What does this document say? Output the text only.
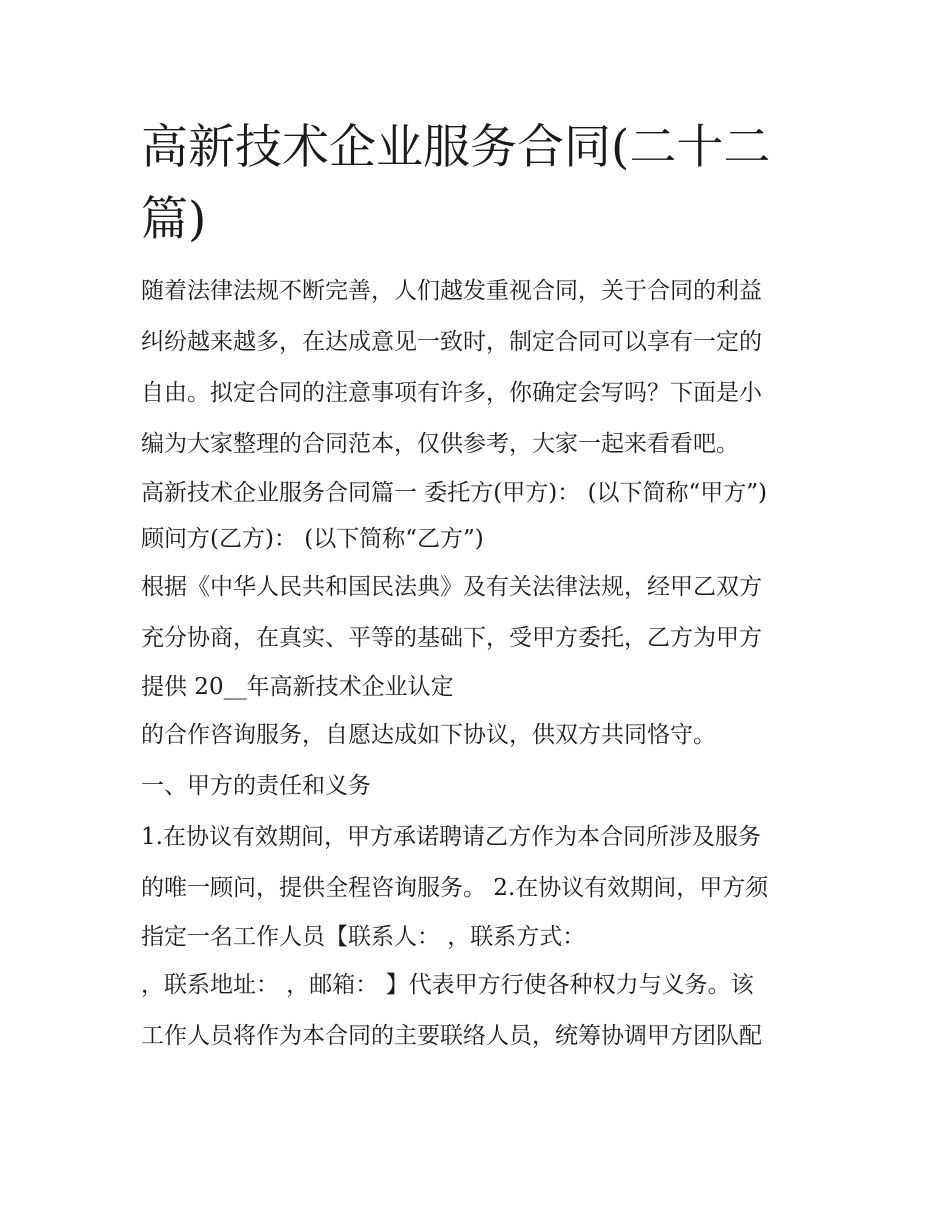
高新技术企业服务合同(二十二
篇)

随着法律法规不断完善，人们越发重视合同，关于合同的利益

纠纷越来越多，在达成意见一致时，制定合同可以享有一定的

自由。拟定合同的注意事项有许多，你确定会写吗？下面是小

编为大家整理的合同范本，仅供参考，大家一起来看看吧。

高新技术企业服务合同篇一 委托方(甲方)： (以下简称“甲方”)

顾问方(乙方)： (以下简称“乙方”)

根据《中华人民共和国民法典》及有关法律法规，经甲乙双方

充分协商，在真实、平等的基础下，受甲方委托，乙方为甲方

提供 20__年高新技术企业认定

的合作咨询服务，自愿达成如下协议，供双方共同恪守。

一、甲方的责任和义务

1.在协议有效期间，甲方承诺聘请乙方作为本合同所涉及服务

的唯一顾问，提供全程咨询服务。 2.在协议有效期间，甲方须

指定一名工作人员【联系人： ，联系方式：

，联系地址： ，邮箱： 】代表甲方行使各种权力与义务。该

工作人员将作为本合同的主要联络人员，统筹协调甲方团队配
